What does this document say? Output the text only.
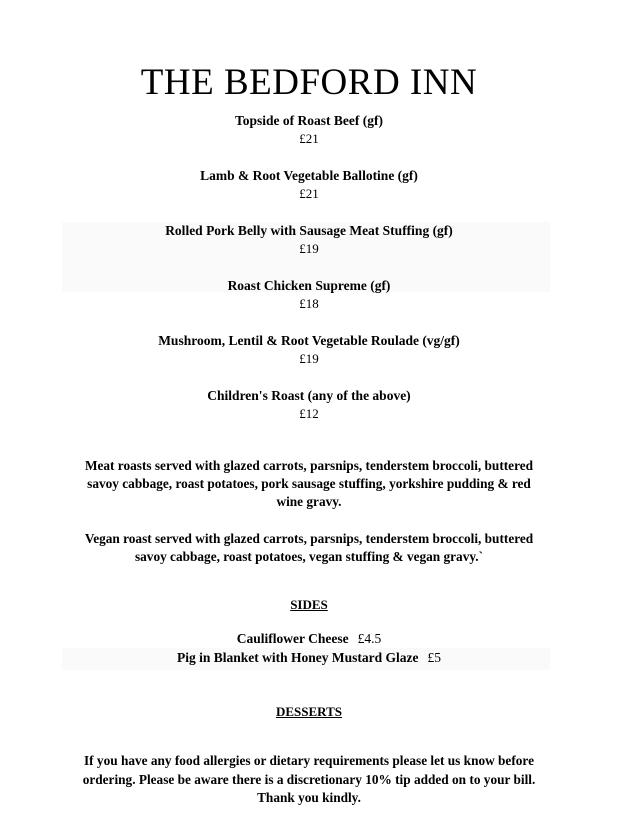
THE BEDFORD INN
Topside of Roast Beef (gf)
£21
Lamb & Root Vegetable Ballotine (gf)
£21
Rolled Pork Belly with Sausage Meat Stuffing (gf)
£19
Roast Chicken Supreme (gf)
£18
Mushroom, Lentil & Root Vegetable Roulade (vg/gf)
£19
Children's Roast (any of the above)
£12

Meat roasts served with glazed carrots, parsnips, tenderstem broccoli, buttered savoy cabbage, roast potatoes, pork sausage stuffing, yorkshire pudding & red wine gravy.

Vegan roast served with glazed carrots, parsnips, tenderstem broccoli, buttered savoy cabbage, roast potatoes, vegan stuffing & vegan gravy.`

SIDES
Cauliflower Cheese £4.5
Pig in Blanket with Honey Mustard Glaze £5
DESSERTS

If you have any food allergies or dietary requirements please let us know before ordering. Please be aware there is a discretionary 10% tip added on to your bill. Thank you kindly.
